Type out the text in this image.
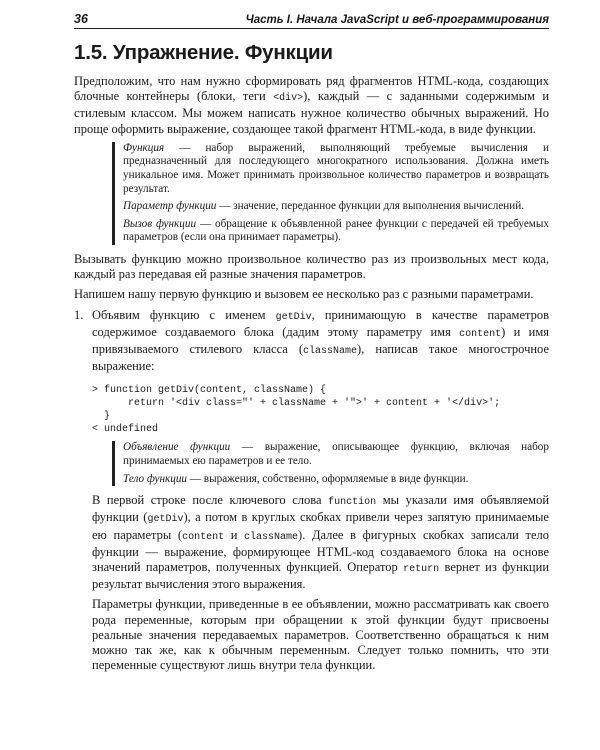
36	Часть I. Начала JavaScript и веб-программирования
1.5. Упражнение. Функции

Предположим, что нам нужно сформировать ряд фрагментов HTML-кода, создающих блочные контейнеры (блоки, теги <div>), каждый — с заданными содержимым и стилевым классом. Мы можем написать нужное количество обычных выражений. Но проще оформить выражение, создающее такой фрагмент HTML-кода, в виде функции.

Функция — набор выражений, выполняющий требуемые вычисления и предназначенный для последующего многократного использования. Должна иметь уникальное имя. Может принимать произвольное количество параметров и возвращать результат.

Параметр функции — значение, переданное функции для выполнения вычислений.

Вызов функции — обращение к объявленной ранее функции с передачей ей требуемых параметров (если она принимает параметры).

Вызывать функцию можно произвольное количество раз из произвольных мест кода, каждый раз передавая ей разные значения параметров.

Напишем нашу первую функцию и вызовем ее несколько раз с разными параметрами.

1. Объявим функцию с именем getDiv, принимающую в качестве параметров содержимое создаваемого блока (дадим этому параметру имя content) и имя привязываемого стилевого класса (className), написав такое многострочное выражение:

> function getDiv(content, className) {
return '<div class="' + className + '">' + content + '</div>';
}
< undefined

Объявление функции — выражение, описывающее функцию, включая набор принимаемых ею параметров и ее тело.

Тело функции — выражения, собственно, оформляемые в виде функции.

В первой строке после ключевого слова function мы указали имя объявляемой функции (getDiv), а потом в круглых скобках привели через запятую принимаемые ею параметры (content и className). Далее в фигурных скобках записали тело функции — выражение, формирующее HTML-код создаваемого блока на основе значений параметров, полученных функцией. Оператор return вернет из функции результат вычисления этого выражения.

Параметры функции, приведенные в ее объявлении, можно рассматривать как своего рода переменные, которым при обращении к этой функции будут присвоены реальные значения передаваемых параметров. Соответственно обращаться к ним можно так же, как к обычным переменным. Следует только помнить, что эти переменные существуют лишь внутри тела функции.
